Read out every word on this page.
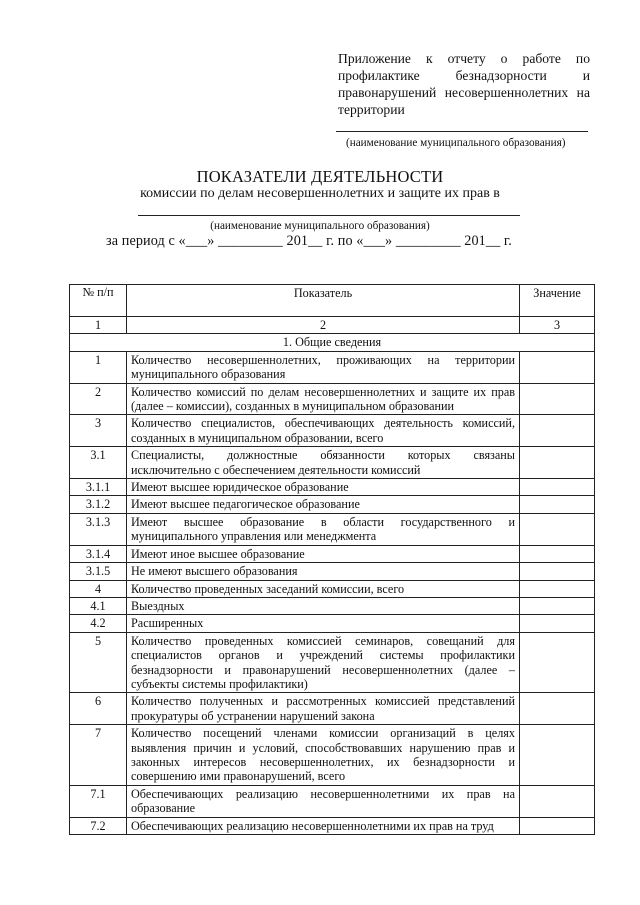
Приложение к отчету о работе по профилактике безнадзорности и правонарушений несовершеннолетних на территории
(наименование муниципального образования)
ПОКАЗАТЕЛИ ДЕЯТЕЛЬНОСТИ
комиссии по делам несовершеннолетних и защите их прав в
(наименование муниципального образования)
за период с «___» _________ 201__ г. по «___» _________ 201__ г.
№ п/п	Показатель	Значение
1	2	3
1. Общие сведения		
1	Количество несовершеннолетних, проживающих на территории муниципального образования	
2	Количество комиссий по делам несовершеннолетних и защите их прав (далее – комиссии), созданных в муниципальном образовании	
3	Количество специалистов, обеспечивающих деятельность комиссий, созданных в муниципальном образовании, всего	
3.1	Специалисты, должностные обязанности которых связаны исключительно с обеспечением деятельности комиссий	
3.1.1	Имеют высшее юридическое образование	
3.1.2	Имеют высшее педагогическое образование	
3.1.3	Имеют высшее образование в области государственного и муниципального управления или менеджмента	
3.1.4	Имеют иное высшее образование	
3.1.5	Не имеют высшего образования	
4	Количество проведенных заседаний комиссии, всего	
4.1	Выездных	
4.2	Расширенных	
5	Количество проведенных комиссией семинаров, совещаний для специалистов органов и учреждений системы профилактики безнадзорности и правонарушений несовершеннолетних (далее – субъекты системы профилактики)	
6	Количество полученных и рассмотренных комиссией представлений прокуратуры об устранении нарушений закона	
7	Количество посещений членами комиссии организаций в целях выявления причин и условий, способствовавших нарушению прав и законных интересов несовершеннолетних, их безнадзорности и совершению ими правонарушений, всего	
7.1	Обеспечивающих реализацию несовершеннолетними их прав на образование	
7.2	Обеспечивающих реализацию несовершеннолетними их прав на труд	
